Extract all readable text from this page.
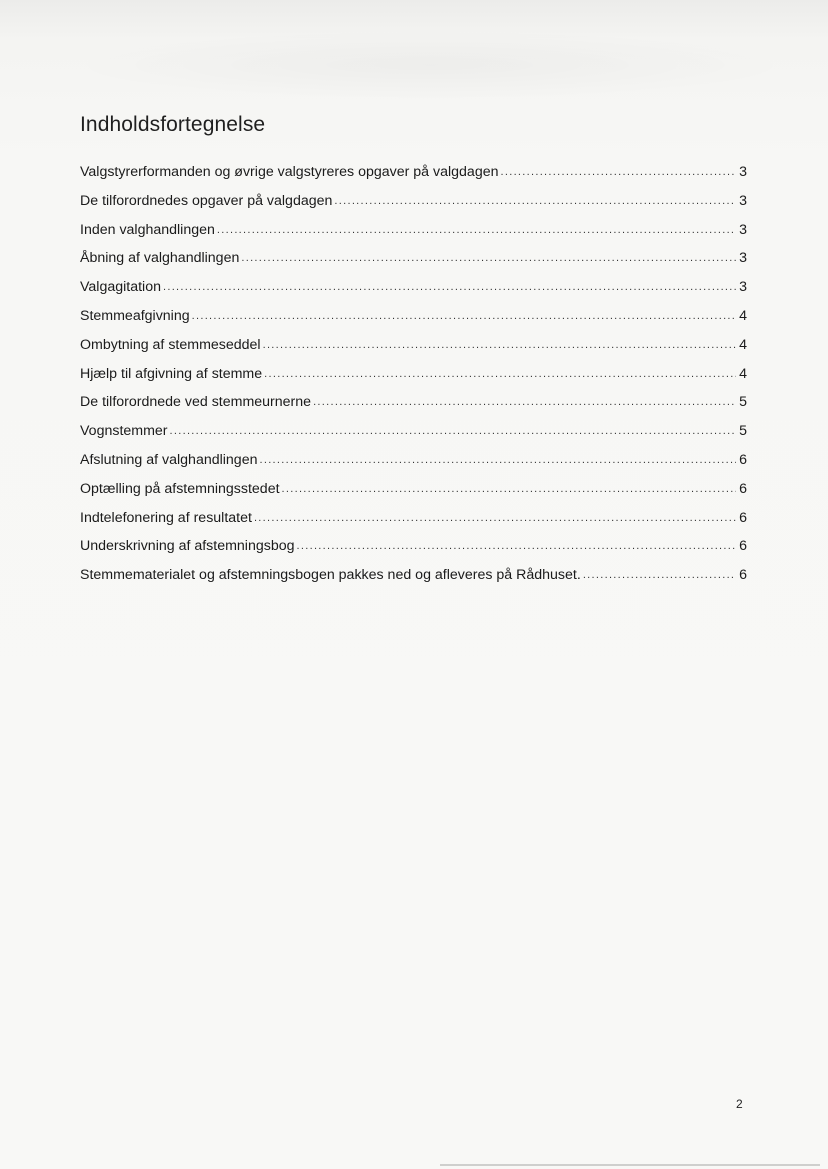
Indholdsfortegnelse
Valgstyrerformanden og øvrige valgstyreres opgaver på valgdagen .....	3
De tilforordnedes opgaver på valgdagen .....	3
Inden valghandlingen .....	3
Åbning af valghandlingen .....	3
Valgagitation .....	3
Stemmeafgivning .....	4
Ombytning af stemmeseddel .....	4
Hjælp til afgivning af stemme .....	4
De tilforordnede ved stemmeurnerne .....	5
Vognstemmer .....	5
Afslutning af valghandlingen .....	6
Optælling på afstemningsstedet .....	6
Indtelefonering af resultatet .....	6
Underskrivning af afstemningsbog .....	6
Stemmematerialet og afstemningsbogen pakkes ned og afleveres på Rådhuset. .....	6
2
